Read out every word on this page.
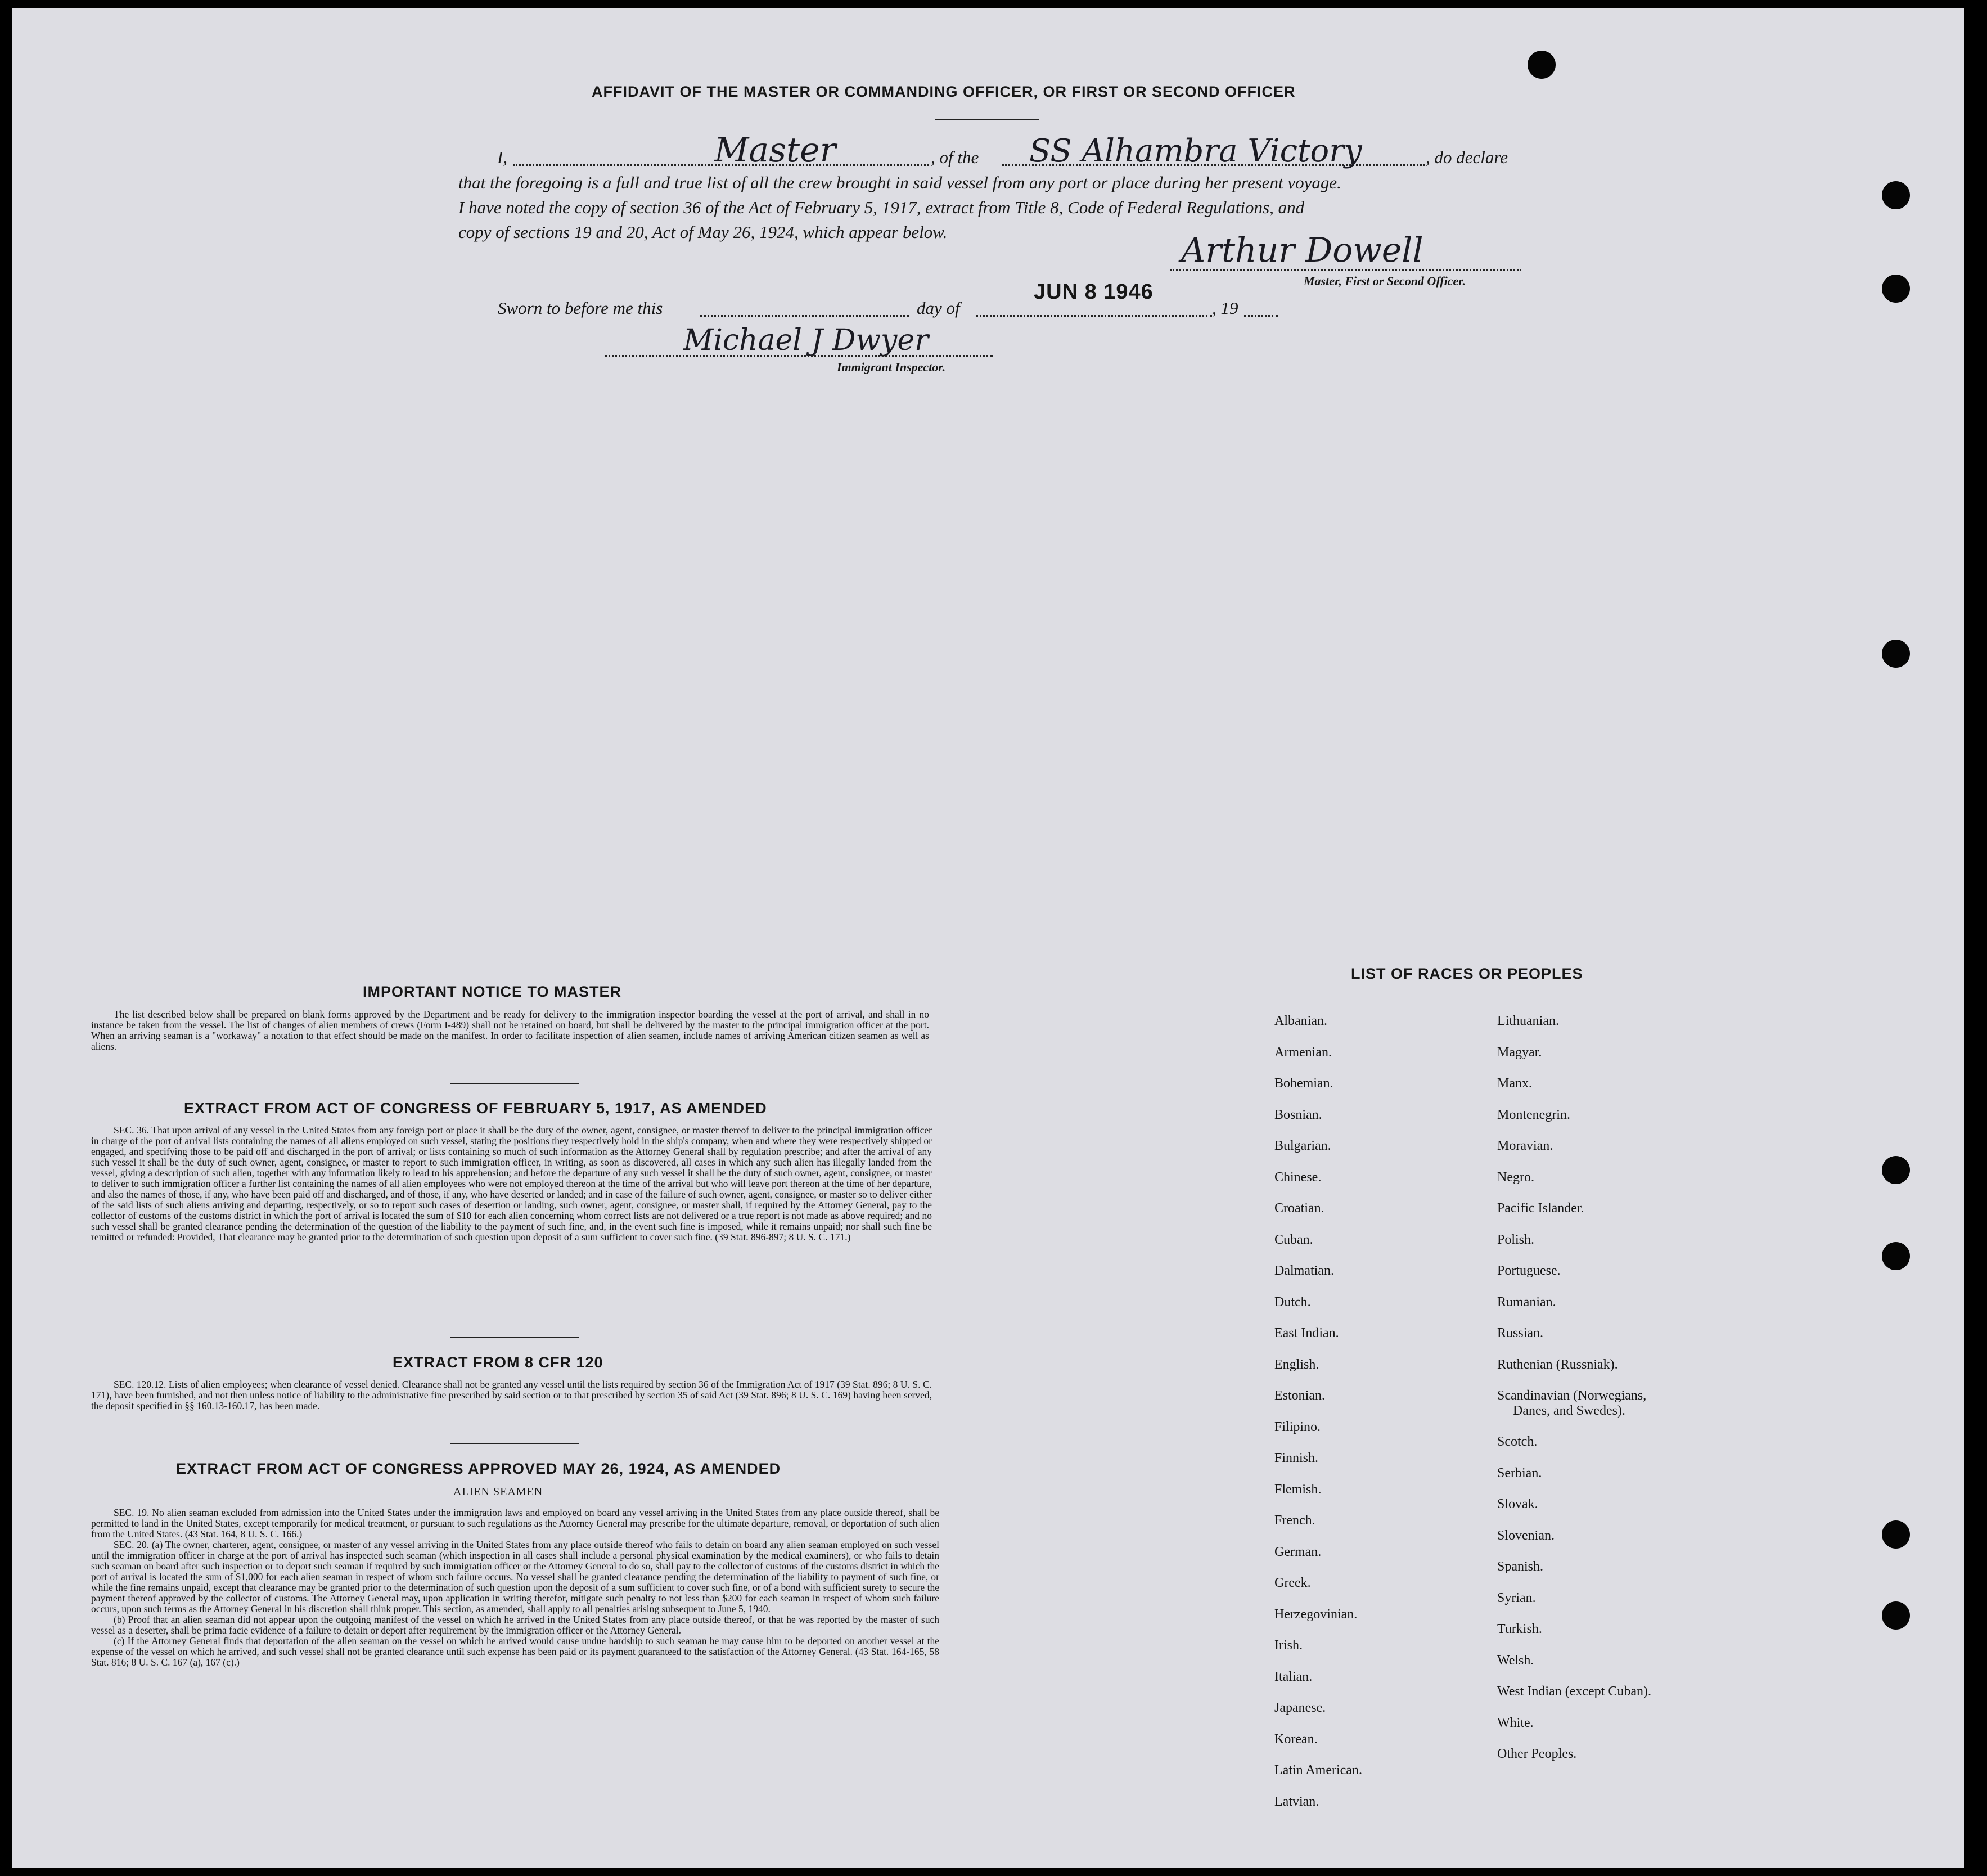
AFFIDAVIT OF THE MASTER OR COMMANDING OFFICER, OR FIRST OR SECOND OFFICER
I,	Master	, of the SS Alhambra Victory	, do declare
that the foregoing is a full and true list of all the crew brought in said vessel from any port or place during her present voyage.
I have noted the copy of section 36 of the Act of February 5, 1917, extract from Title 8, Code of Federal Regulations, and
copy of sections 19 and 20, Act of May 26, 1924, which appear below.	Arthur Dowell
Master, First or Second Officer.
Sworn to before me this	day of
JUN 8 1946
, 19
Michael J Dwyer
Immigrant Inspector.
IMPORTANT NOTICE TO MASTER

The list described below shall be prepared on blank forms approved by the Department and be ready for delivery to the immigration inspector boarding the vessel at the port of arrival, and shall in no instance be taken from the vessel. The list of changes of alien members of crews (Form I-489) shall not be retained on board, but shall be delivered by the master to the principal immigration officer at the port. When an arriving seaman is a "workaway" a notation to that effect should be made on the manifest. In order to facilitate inspection of alien seamen, include names of arriving American citizen seamen as well as aliens.

EXTRACT FROM ACT OF CONGRESS OF FEBRUARY 5, 1917, AS AMENDED

SEC. 36. That upon arrival of any vessel in the United States from any foreign port or place it shall be the duty of the owner, agent, consignee, or master thereof to deliver to the principal immigration officer in charge of the port of arrival lists containing the names of all aliens employed on such vessel, stating the positions they respectively hold in the ship's company, when and where they were respectively shipped or engaged, and specifying those to be paid off and discharged in the port of arrival; or lists containing so much of such information as the Attorney General shall by regulation prescribe; and after the arrival of any such vessel it shall be the duty of such owner, agent, consignee, or master to report to such immigration officer, in writing, as soon as discovered, all cases in which any such alien has illegally landed from the vessel, giving a description of such alien, together with any information likely to lead to his apprehension; and before the departure of any such vessel it shall be the duty of such owner, agent, consignee, or master to deliver to such immigration officer a further list containing the names of all alien employees who were not employed thereon at the time of the arrival but who will leave port thereon at the time of her departure, and also the names of those, if any, who have been paid off and discharged, and of those, if any, who have deserted or landed; and in case of the failure of such owner, agent, consignee, or master so to deliver either of the said lists of such aliens arriving and departing, respectively, or so to report such cases of desertion or landing, such owner, agent, consignee, or master shall, if required by the Attorney General, pay to the collector of customs of the customs district in which the port of arrival is located the sum of $10 for each alien concerning whom correct lists are not delivered or a true report is not made as above required; and no such vessel shall be granted clearance pending the determination of the question of the liability to the payment of such fine, and, in the event such fine is imposed, while it remains unpaid; nor shall such fine be remitted or refunded: Provided, That clearance may be granted prior to the determination of such question upon deposit of a sum sufficient to cover such fine. (39 Stat. 896-897; 8 U. S. C. 171.)

EXTRACT FROM 8 CFR 120

SEC. 120.12. Lists of alien employees; when clearance of vessel denied. Clearance shall not be granted any vessel until the lists required by section 36 of the Immigration Act of 1917 (39 Stat. 896; 8 U. S. C. 171), have been furnished, and not then unless notice of liability to the administrative fine prescribed by said section or to that prescribed by section 35 of said Act (39 Stat. 896; 8 U. S. C. 169) having been served, the deposit specified in §§ 160.13-160.17, has been made.

EXTRACT FROM ACT OF CONGRESS APPROVED MAY 26, 1924, AS AMENDED
ALIEN SEAMEN

SEC. 19. No alien seaman excluded from admission into the United States under the immigration laws and employed on board any vessel arriving in the United States from any place outside thereof, shall be permitted to land in the United States, except temporarily for medical treatment, or pursuant to such regulations as the Attorney General may prescribe for the ultimate departure, removal, or deportation of such alien from the United States. (43 Stat. 164, 8 U. S. C. 166.)

SEC. 20. (a) The owner, charterer, agent, consignee, or master of any vessel arriving in the United States from any place outside thereof who fails to detain on board any alien seaman employed on such vessel until the immigration officer in charge at the port of arrival has inspected such seaman (which inspection in all cases shall include a personal physical examination by the medical examiners), or who fails to detain such seaman on board after such inspection or to deport such seaman if required by such immigration officer or the Attorney General to do so, shall pay to the collector of customs of the customs district in which the port of arrival is located the sum of $1,000 for each alien seaman in respect of whom such failure occurs. No vessel shall be granted clearance pending the determination of the liability to payment of such fine, or while the fine remains unpaid, except that clearance may be granted prior to the determination of such question upon the deposit of a sum sufficient to cover such fine, or of a bond with sufficient surety to secure the payment thereof approved by the collector of customs. The Attorney General may, upon application in writing therefor, mitigate such penalty to not less than $200 for each seaman in respect of whom such failure occurs, upon such terms as the Attorney General in his discretion shall think proper. This section, as amended, shall apply to all penalties arising subsequent to June 5, 1940.

(b) Proof that an alien seaman did not appear upon the outgoing manifest of the vessel on which he arrived in the United States from any place outside thereof, or that he was reported by the master of such vessel as a deserter, shall be prima facie evidence of a failure to detain or deport after requirement by the immigration officer or the Attorney General.

(c) If the Attorney General finds that deportation of the alien seaman on the vessel on which he arrived would cause undue hardship to such seaman he may cause him to be deported on another vessel at the expense of the vessel on which he arrived, and such vessel shall not be granted clearance until such expense has been paid or its payment guaranteed to the satisfaction of the Attorney General. (43 Stat. 164-165, 58 Stat. 816; 8 U. S. C. 167 (a), 167 (c).)

LIST OF RACES OR PEOPLES
Albanian.
Armenian.
Bohemian.
Bosnian.
Bulgarian.
Chinese.
Croatian.
Cuban.
Dalmatian.
Dutch.
East Indian.
English.
Estonian.
Filipino.
Finnish.
Flemish.
French.
German.
Greek.
Herzegovinian.
Irish.
Italian.
Japanese.
Korean.
Latin American.
Latvian.
Lithuanian.
Magyar.
Manx.
Montenegrin.
Moravian.
Negro.
Pacific Islander.
Polish.
Portuguese.
Rumanian.
Russian.
Ruthenian (Russniak).
Scandinavian (Norwegians,
Danes, and Swedes).
Scotch.
Serbian.
Slovak.
Slovenian.
Spanish.
Syrian.
Turkish.
Welsh.
West Indian (except Cuban).
White.
Other Peoples.
